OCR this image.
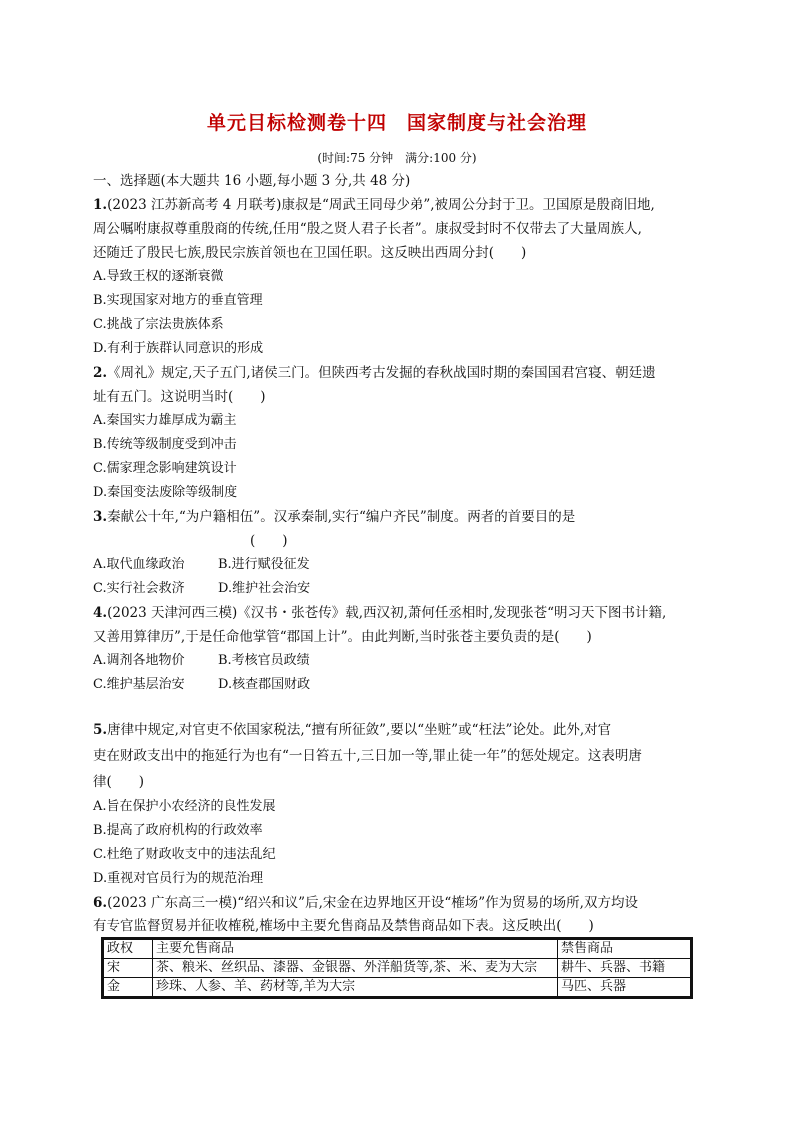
单元目标检测卷十四　国家制度与社会治理
(时间:75 分钟　满分:100 分)
一、选择题(本大题共 16 小题,每小题 3 分,共 48 分)
1.(2023 江苏新高考 4 月联考)康叔是“周武王同母少弟”,被周公分封于卫。卫国原是殷商旧地,
周公嘱咐康叔尊重殷商的传统,任用“殷之贤人君子长者”。康叔受封时不仅带去了大量周族人,
还随迁了殷民七族,殷民宗族首领也在卫国任职。这反映出西周分封(　　)
A.导致王权的逐渐衰微
B.实现国家对地方的垂直管理
C.挑战了宗法贵族体系
D.有利于族群认同意识的形成
2.《周礼》规定,天子五门,诸侯三门。但陕西考古发掘的春秋战国时期的秦国国君宫寝、朝廷遗
址有五门。这说明当时(　　)
A.秦国实力雄厚成为霸主
B.传统等级制度受到冲击
C.儒家理念影响建筑设计
D.秦国变法废除等级制度
3.秦献公十年,“为户籍相伍”。汉承秦制,实行“编户齐民”制度。两者的首要目的是
(　　)
A.取代血缘政治	B.进行赋役征发
C.实行社会救济	D.维护社会治安
4.(2023 天津河西三模)《汉书・张苍传》载,西汉初,萧何任丞相时,发现张苍“明习天下图书计籍,
又善用算律历”,于是任命他掌管“郡国上计”。由此判断,当时张苍主要负责的是(　　)
A.调剂各地物价	B.考核官员政绩
C.维护基层治安	D.核查郡国财政
5.唐律中规定,对官吏不依国家税法,“擅有所征敛”,要以“坐赃”或“枉法”论处。此外,对官
吏在财政支出中的拖延行为也有“一日笞五十,三日加一等,罪止徒一年”的惩处规定。这表明唐
律(　　)
A.旨在保护小农经济的良性发展
B.提高了政府机构的行政效率
C.杜绝了财政收支中的违法乱纪
D.重视对官员行为的规范治理
6.(2023 广东高三一模)“绍兴和议”后,宋金在边界地区开设“榷场”作为贸易的场所,双方均设
有专官监督贸易并征收榷税,榷场中主要允售商品及禁售商品如下表。这反映出(　　)
政权	主要允售商品	禁售商品
宋	茶、粮米、丝织品、漆器、金银器、外洋船货等,茶、米、麦为大宗	耕牛、兵器、书籍
金	珍珠、人参、羊、药材等,羊为大宗	马匹、兵器
